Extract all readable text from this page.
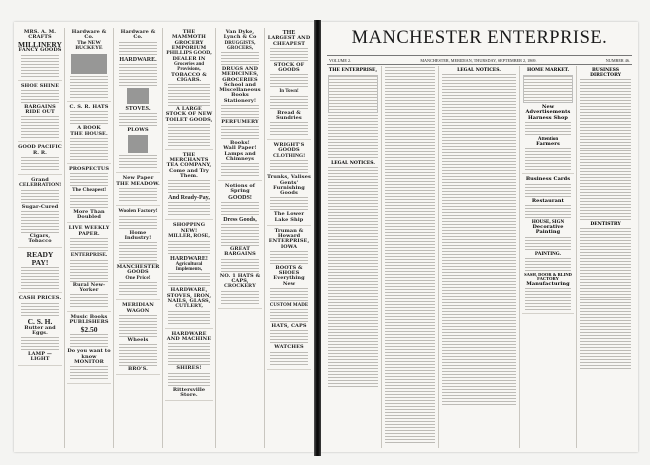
MRS. A. M. CRAFTS
MILLINERY
FANCY GOODS
SHOE SHINE
BARGAINS
RIDE OUT
GOOD PACIFIC R. R.
Grand
CELEBRATION!
Sugar-Cured
Cigars, Tobacco
READY PAY!
CASH PRICES.
C. S. H.
Butter and Eggs.
LAMP — LIGHT
Hardware & Co.
The NEW BUCKEYE
C. S. R. HATS
A BOOK
THE HOUSE.
PROSPECTUS
The Cheapest!
More Than Doubled
LIVE WEEKLY PAPER.
ENTERPRISE.
Rural New-Yorker
Music Books
PUBLISHERS
$2.50
Do you want to know
MONITOR
Hardware & Co.
HARDWARE.
STOVES.
PLOWS
New Paper
THE MEADOW.
Woolen Factory!
Home Industry!
MANCHESTER GOODS
One Price!
MERIDIAN WAGON
Wheels
BRO'S.
THE MAMMOTH GROCERY EMPORIUM
PHILLIPS GOOD,
DEALER IN
Groceries and Provisions,
TOBACCO & CIGARS.
A LARGE STOCK OF NEW TOILET GOODS,
THE MERCHANTS TEA COMPANY,
Come and Try Them.
And Ready-Pay,
SHOPPING NEW!
MILLER, ROSE,
HARDWARE!
Agricultural Implements,
HARDWARE, STOVES, IRON, NAILS, GLASS,
CUTLERY,
HARDWARE AND MACHINE
SHIRES!
Rittersville Store.
Van Dyke, Lynch & Co
DRUGGISTS, GROCERS,
DRUGS AND MEDICINES,
GROCERIES
School and Miscellaneous Books
Stationery!
PERFUMERY
Books!
Wall Paper!
Lamps and Chimneys
Notions of Spring
GOODS!
Dress Goods,
GREAT BARGAINS
NO. 1 HATS & CAPS,
CROCKERY
THE
LARGEST AND CHEAPEST
STOCK OF GOODS
In Town!
Bread & Sundries
WRIGHT'S GOODS
CLOTHING!
Trunks, Valises
Gents' Furnishing Goods
The Lower Lake Ship
Truman & Howard
ENTERPRISE, IOWA
BOOTS & SHOES
Everything New
CUSTOM MADE
HATS, CAPS
WATCHES
MANCHESTER ENTERPRISE.
VOLUME 2.	MANCHESTER, MERIDIAN, THURSDAY, SEPTEMBER 2, 1869.	NUMBER 46.
THE ENTERPRISE,
LEGAL NOTICES.
LEGAL NOTICES.	HOME MARKET.
New Advertisements
Harness Shop
Attention
Farmers
Business Cards
Restaurant
HOUSE, SIGN
Decorative Painting
PAINTING.
SASH, DOOR & BLIND FACTORY
Manufacturing
BUSINESS DIRECTORY
DENTISTRY
